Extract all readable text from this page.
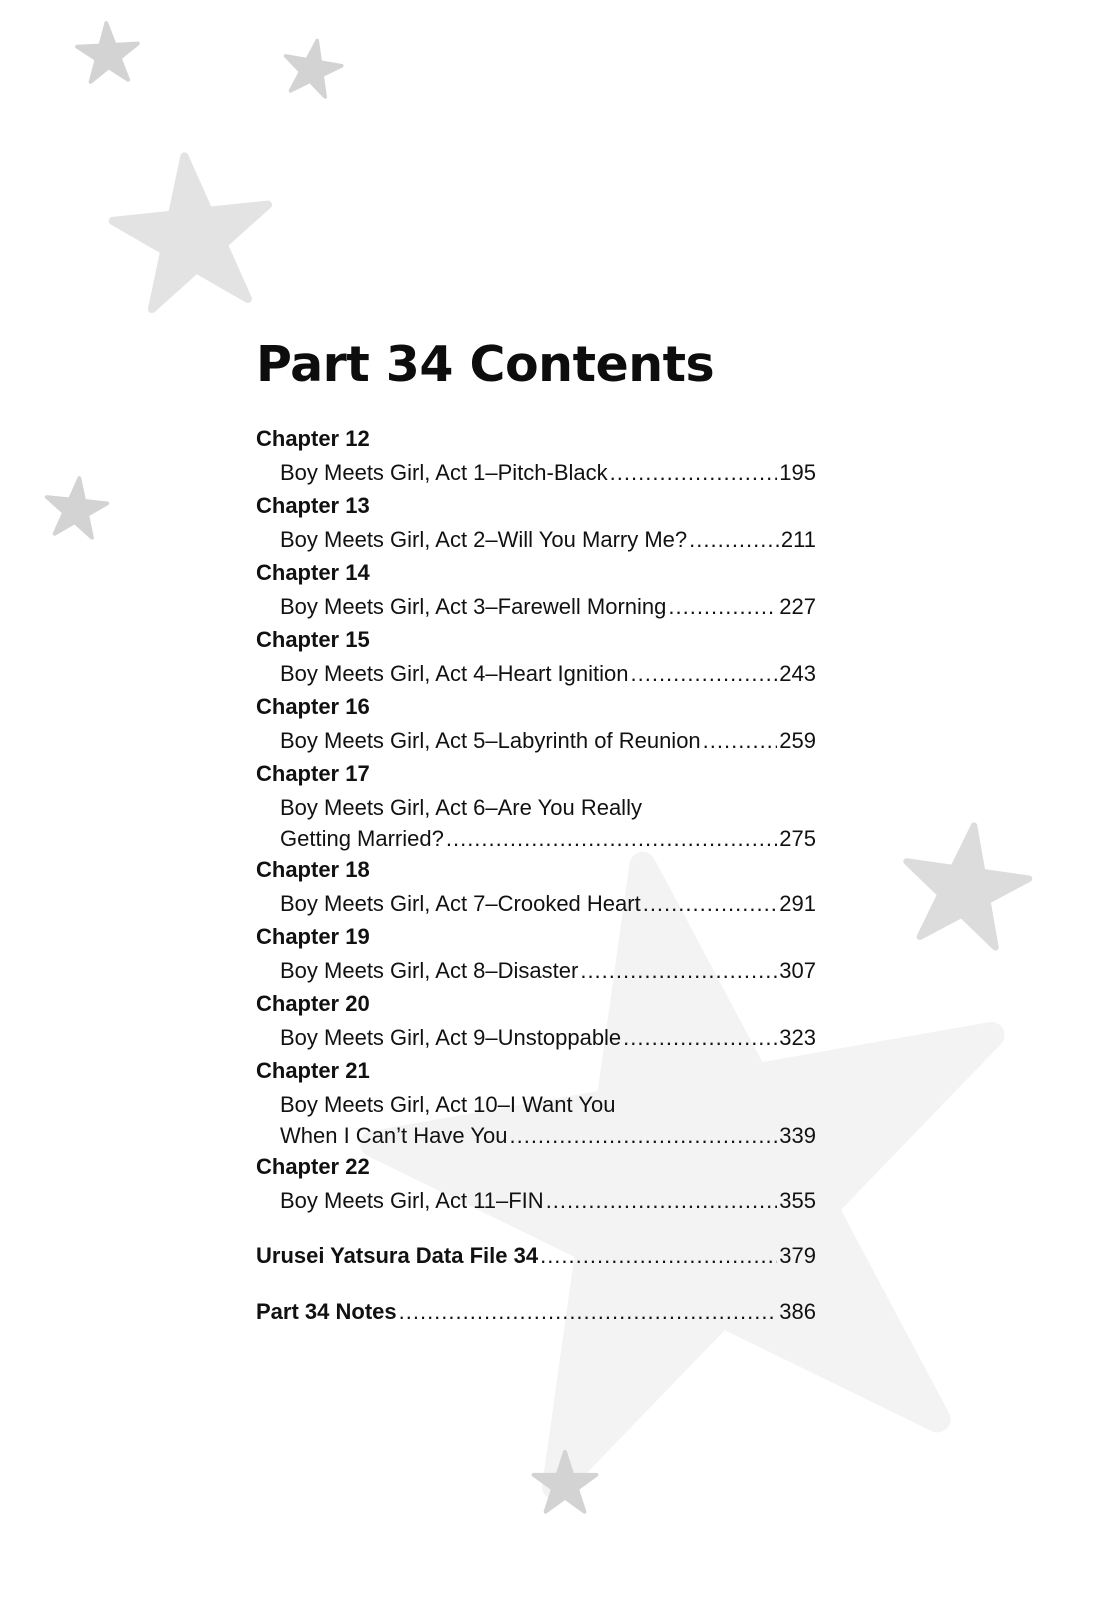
Part 34 Contents
Chapter 12
Boy Meets Girl, Act 1–Pitch-Black .....	195
Chapter 13
Boy Meets Girl, Act 2–Will You Marry Me? .....	211
Chapter 14
Boy Meets Girl, Act 3–Farewell Morning .....	227
Chapter 15
Boy Meets Girl, Act 4–Heart Ignition .....	243
Chapter 16
Boy Meets Girl, Act 5–Labyrinth of Reunion .....	259
Chapter 17
Boy Meets Girl, Act 6–Are You Really
Getting Married? .....	275
Chapter 18
Boy Meets Girl, Act 7–Crooked Heart .....	291
Chapter 19
Boy Meets Girl, Act 8–Disaster .....	307
Chapter 20
Boy Meets Girl, Act 9–Unstoppable .....	323
Chapter 21
Boy Meets Girl, Act 10–I Want You
When I Can’t Have You .....	339
Chapter 22
Boy Meets Girl, Act 11–FIN .....	355
Urusei Yatsura Data File 34 .....	379
Part 34 Notes .....	386
